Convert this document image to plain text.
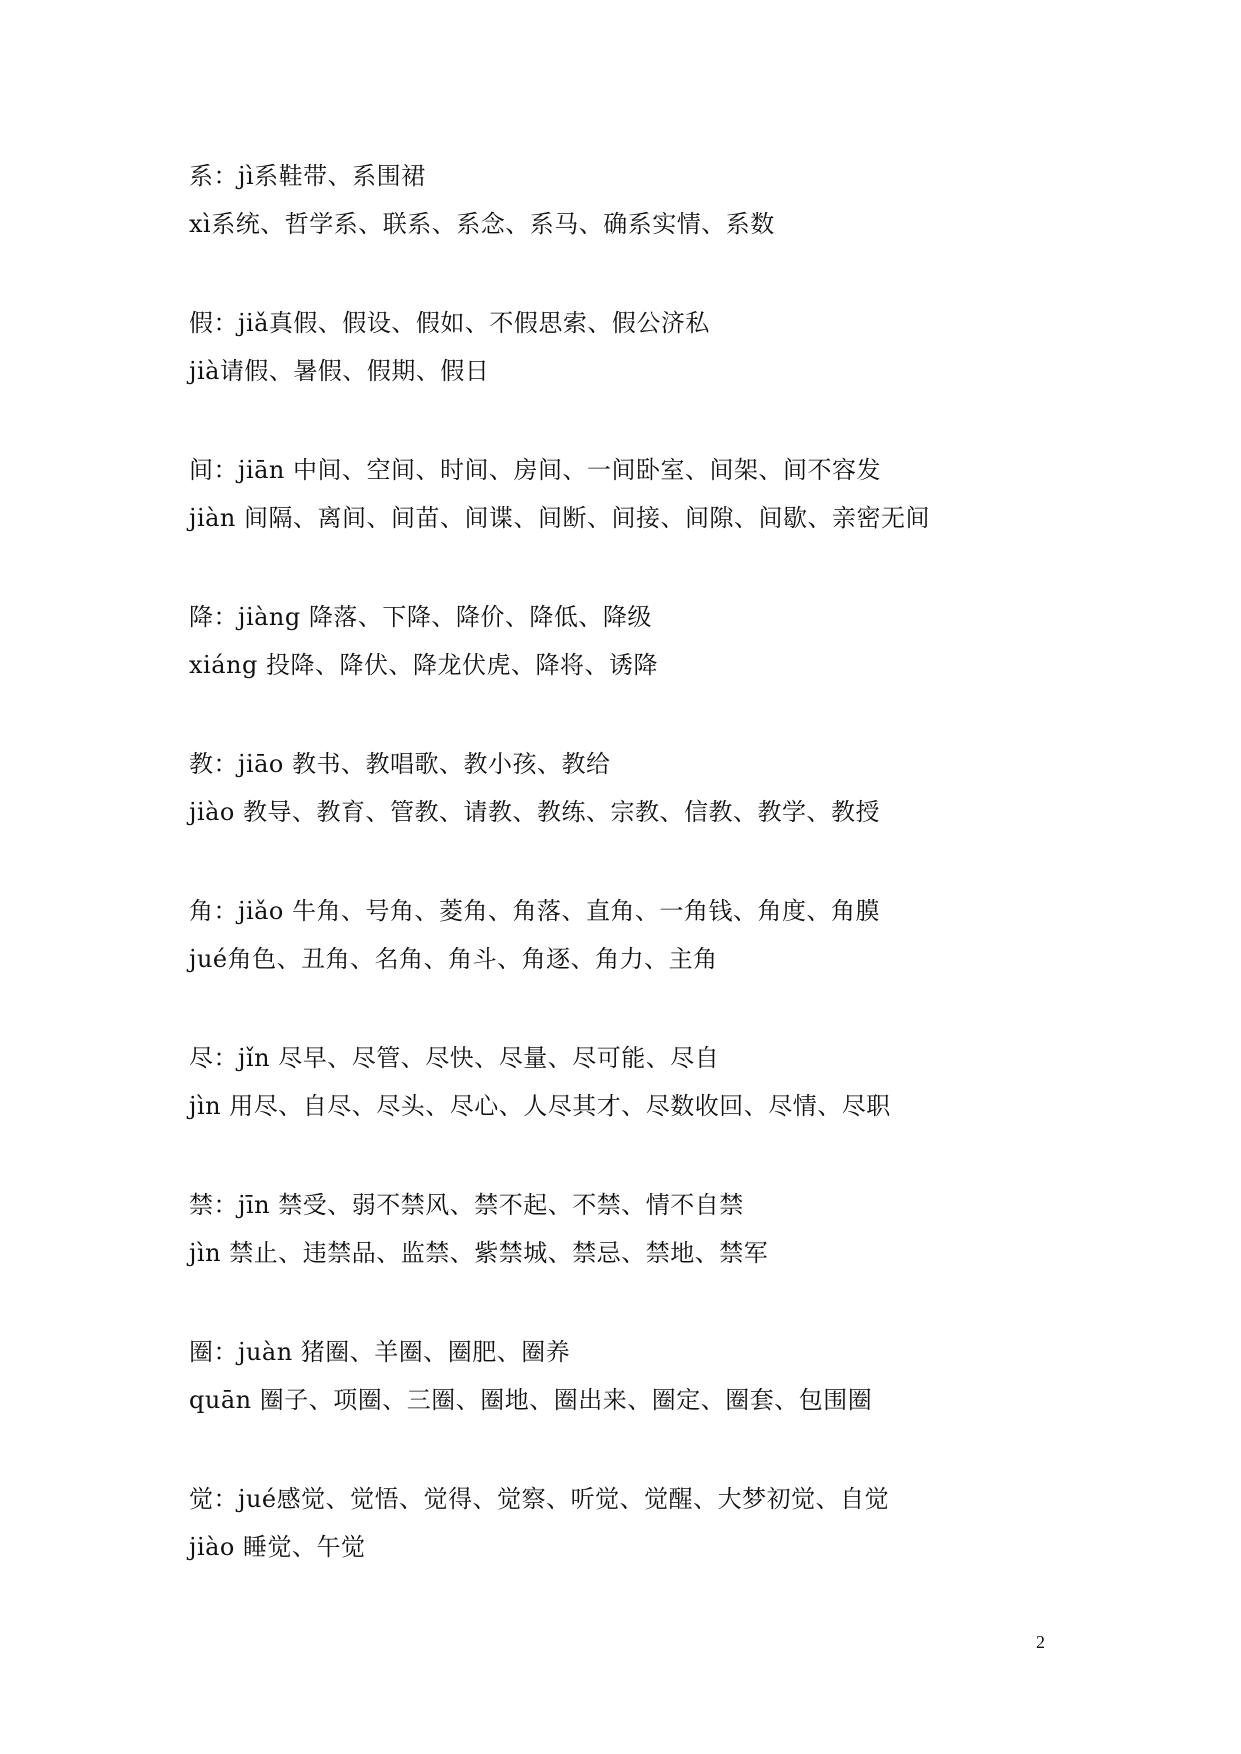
系：jì系鞋带、系围裙
xì系统、哲学系、联系、系念、系马、确系实情、系数
假：jiǎ真假、假设、假如、不假思索、假公济私
jià请假、暑假、假期、假日
间：jiān 中间、空间、时间、房间、一间卧室、间架、间不容发
jiàn 间隔、离间、间苗、间谍、间断、间接、间隙、间歇、亲密无间
降：jiàng 降落、下降、降价、降低、降级
xiáng 投降、降伏、降龙伏虎、降将、诱降
教：jiāo 教书、教唱歌、教小孩、教给
jiào 教导、教育、管教、请教、教练、宗教、信教、教学、教授
角：jiǎo 牛角、号角、菱角、角落、直角、一角钱、角度、角膜
jué角色、丑角、名角、角斗、角逐、角力、主角
尽：jǐn 尽早、尽管、尽快、尽量、尽可能、尽自
jìn 用尽、自尽、尽头、尽心、人尽其才、尽数收回、尽情、尽职
禁：jīn 禁受、弱不禁风、禁不起、不禁、情不自禁
jìn 禁止、违禁品、监禁、紫禁城、禁忌、禁地、禁军
圈：juàn 猪圈、羊圈、圈肥、圈养
quān 圈子、项圈、三圈、圈地、圈出来、圈定、圈套、包围圈
觉：jué感觉、觉悟、觉得、觉察、听觉、觉醒、大梦初觉、自觉
jiào 睡觉、午觉
2
